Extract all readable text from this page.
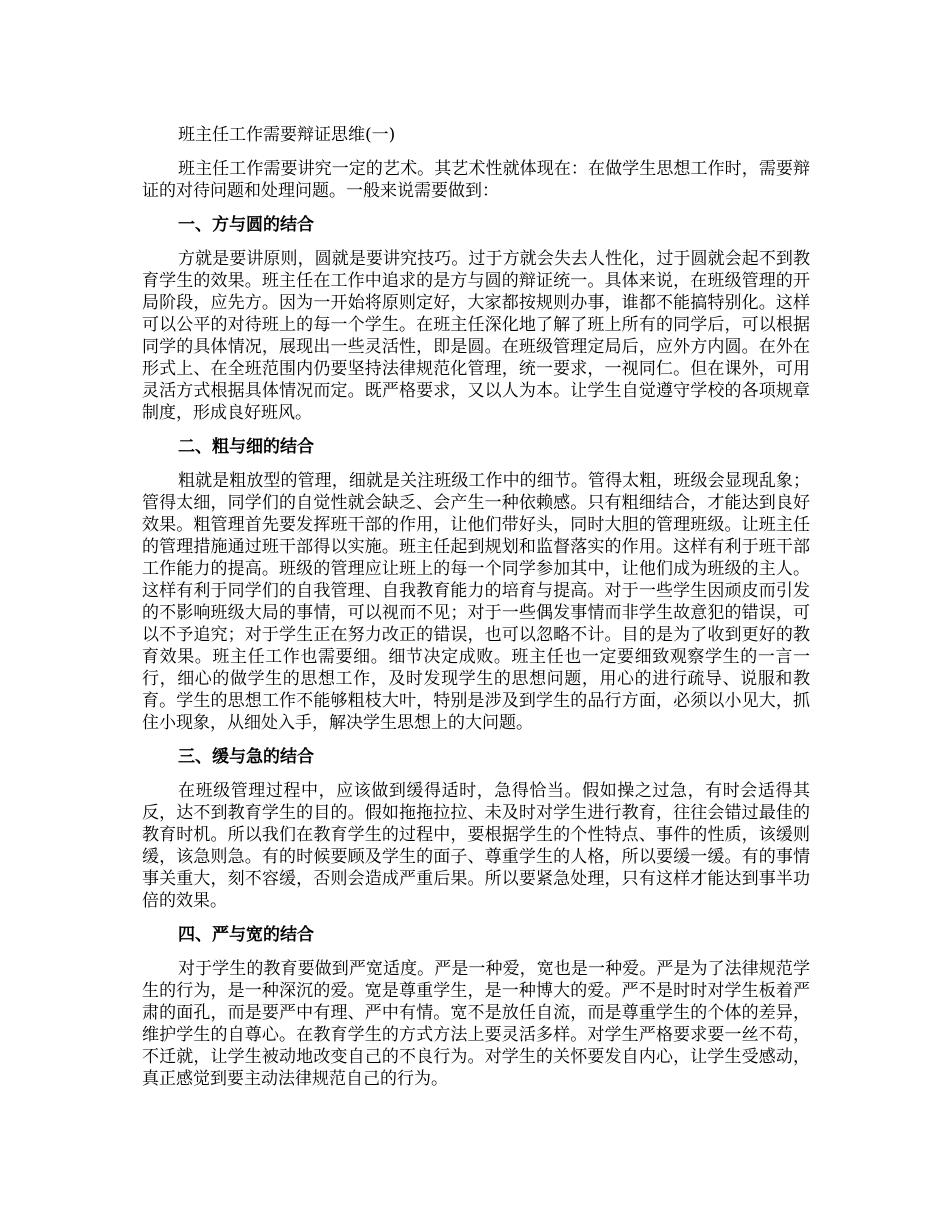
班主任工作需要辩证思维(一)

班主任工作需要讲究一定的艺术。其艺术性就体现在：在做学生思想工作时，需要辩证的对待问题和处理问题。一般来说需要做到：

一、方与圆的结合

方就是要讲原则，圆就是要讲究技巧。过于方就会失去人性化，过于圆就会起不到教育学生的效果。班主任在工作中追求的是方与圆的辩证统一。具体来说，在班级管理的开局阶段，应先方。因为一开始将原则定好，大家都按规则办事，谁都不能搞特别化。这样可以公平的对待班上的每一个学生。在班主任深化地了解了班上所有的同学后，可以根据同学的具体情况，展现出一些灵活性，即是圆。在班级管理定局后，应外方内圆。在外在形式上、在全班范围内仍要坚持法律规范化管理，统一要求，一视同仁。但在课外，可用灵活方式根据具体情况而定。既严格要求，又以人为本。让学生自觉遵守学校的各项规章制度，形成良好班风。

二、粗与细的结合

粗就是粗放型的管理，细就是关注班级工作中的细节。管得太粗，班级会显现乱象；管得太细，同学们的自觉性就会缺乏、会产生一种依赖感。只有粗细结合，才能达到良好效果。粗管理首先要发挥班干部的作用，让他们带好头，同时大胆的管理班级。让班主任的管理措施通过班干部得以实施。班主任起到规划和监督落实的作用。这样有利于班干部工作能力的提高。班级的管理应让班上的每一个同学参加其中，让他们成为班级的主人。这样有利于同学们的自我管理、自我教育能力的培育与提高。对于一些学生因顽皮而引发的不影响班级大局的事情，可以视而不见；对于一些偶发事情而非学生故意犯的错误，可以不予追究；对于学生正在努力改正的错误，也可以忽略不计。目的是为了收到更好的教育效果。班主任工作也需要细。细节决定成败。班主任也一定要细致观察学生的一言一行，细心的做学生的思想工作，及时发现学生的思想问题，用心的进行疏导、说服和教育。学生的思想工作不能够粗枝大叶，特别是涉及到学生的品行方面，必须以小见大，抓住小现象，从细处入手，解决学生思想上的大问题。

三、缓与急的结合

在班级管理过程中，应该做到缓得适时，急得恰当。假如操之过急，有时会适得其反，达不到教育学生的目的。假如拖拖拉拉、未及时对学生进行教育，往往会错过最佳的教育时机。所以我们在教育学生的过程中，要根据学生的个性特点、事件的性质，该缓则缓，该急则急。有的时候要顾及学生的面子、尊重学生的人格，所以要缓一缓。有的事情事关重大，刻不容缓，否则会造成严重后果。所以要紧急处理，只有这样才能达到事半功倍的效果。

四、严与宽的结合

对于学生的教育要做到严宽适度。严是一种爱，宽也是一种爱。严是为了法律规范学生的行为，是一种深沉的爱。宽是尊重学生，是一种博大的爱。严不是时时对学生板着严肃的面孔，而是要严中有理、严中有情。宽不是放任自流，而是尊重学生的个体的差异，维护学生的自尊心。在教育学生的方式方法上要灵活多样。对学生严格要求要一丝不苟，不迁就，让学生被动地改变自己的不良行为。对学生的关怀要发自内心，让学生受感动，真正感觉到要主动法律规范自己的行为。
